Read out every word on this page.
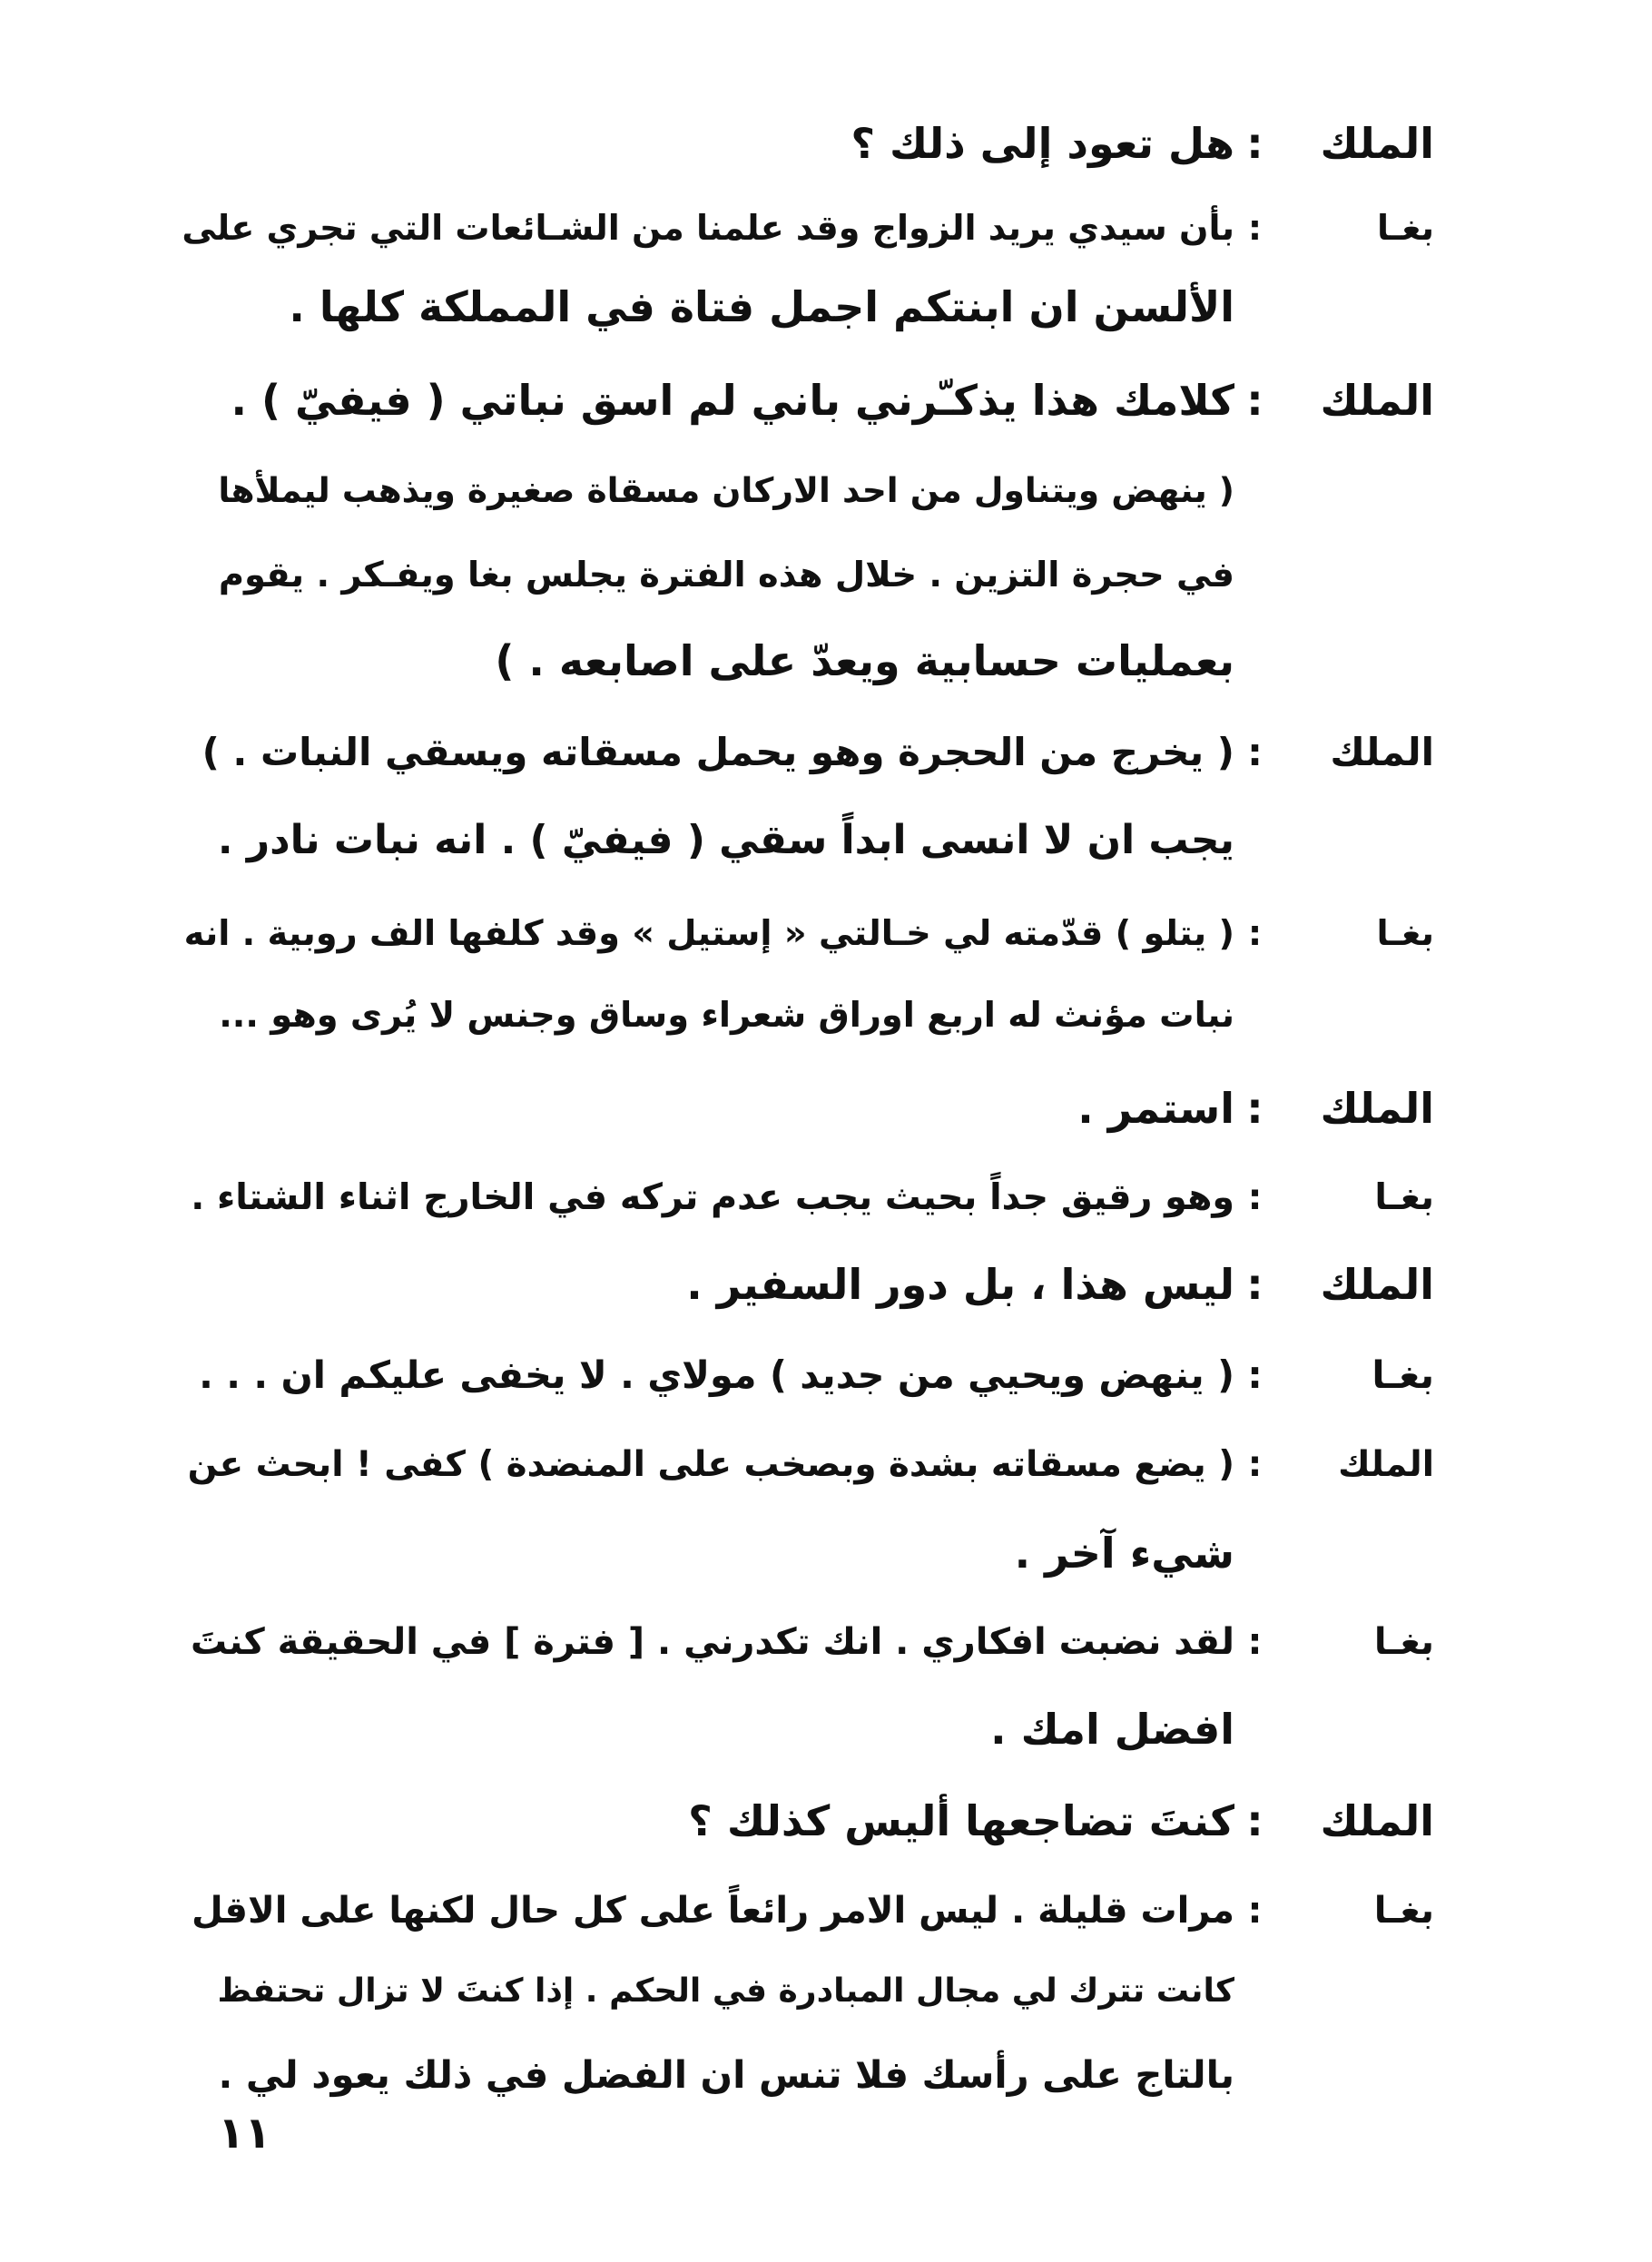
الملك:هل تعود إلى ذلك ؟
بغـا:بأن سيدي يريد الزواج وقد علمنا من الشـائعات التي تجري على
الألسن ان ابنتكم اجمل فتاة في المملكة كلها .
الملك:كلامك هذا يذكـّرني باني لم اسق نباتي ( فيفيّ ) .
( ينهض ويتناول من احد الاركان مسقاة صغيرة ويذهب ليملأها
في حجرة التزين . خلال هذه الفترة يجلس بغا ويفـكر . يقوم
بعمليات حسابية ويعدّ على اصابعه . )
الملك:( يخرج من الحجرة وهو يحمل مسقاته ويسقي النبات . )
يجب ان لا انسى ابداً سقي ( فيفيّ ) . انه نبات نادر .
بغـا:( يتلو ) قدّمته لي خـالتي « إستيل » وقد كلفها الف روبية . انه
نبات مؤنث له اربع اوراق شعراء وساق وجنس لا يُرى وهو ...
الملك:استمر .
بغـا:وهو رقيق جداً بحيث يجب عدم تركه في الخارج اثناء الشتاء .
الملك:ليس هذا ، بل دور السفير .
بغـا:( ينهض ويحيي من جديد ) مولاي . لا يخفى عليكم ان . . .
الملك:( يضع مسقاته بشدة وبصخب على المنضدة ) كفى ! ابحث عن
شيء آخر .
بغـا:لقد نضبت افكاري . انك تكدرني . [ فترة ] في الحقيقة كنتَ
افضل امك .
الملك:كنتَ تضاجعها أليس كذلك ؟
بغـا:مرات قليلة . ليس الامر رائعاً على كل حال لكنها على الاقل
كانت تترك لي مجال المبادرة في الحكم . إذا كنتَ لا تزال تحتفظ
بالتاج على رأسك فلا تنس ان الفضل في ذلك يعود لي .
١١
